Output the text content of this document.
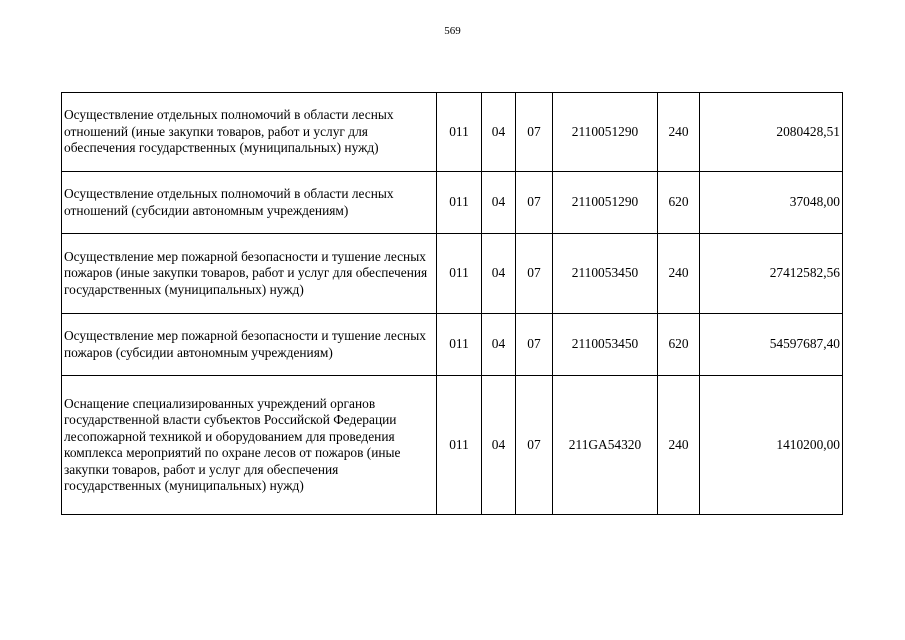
569
Осуществление отдельных полномочий в области лесных отношений (иные закупки товаров, работ и услуг для обеспечения государственных (муниципальных) нужд)	011	04	07	2110051290	240	2080428,51
Осуществление отдельных полномочий в области лесных отношений (субсидии автономным учреждениям)	011	04	07	2110051290	620	37048,00
Осуществление мер пожарной безопасности и тушение лесных пожаров (иные закупки товаров, работ и услуг для обеспечения государственных (муниципальных) нужд)	011	04	07	2110053450	240	27412582,56
Осуществление мер пожарной безопасности и тушение лесных пожаров (субсидии автономным учреждениям)	011	04	07	2110053450	620	54597687,40
Оснащение специализированных учреждений органов государственной власти субъектов Российской Федерации лесопожарной техникой и оборудованием для проведения комплекса мероприятий по охране лесов от пожаров (иные закупки товаров, работ и услуг для обеспечения государственных (муниципальных) нужд)	011	04	07	211GA54320	240	1410200,00
